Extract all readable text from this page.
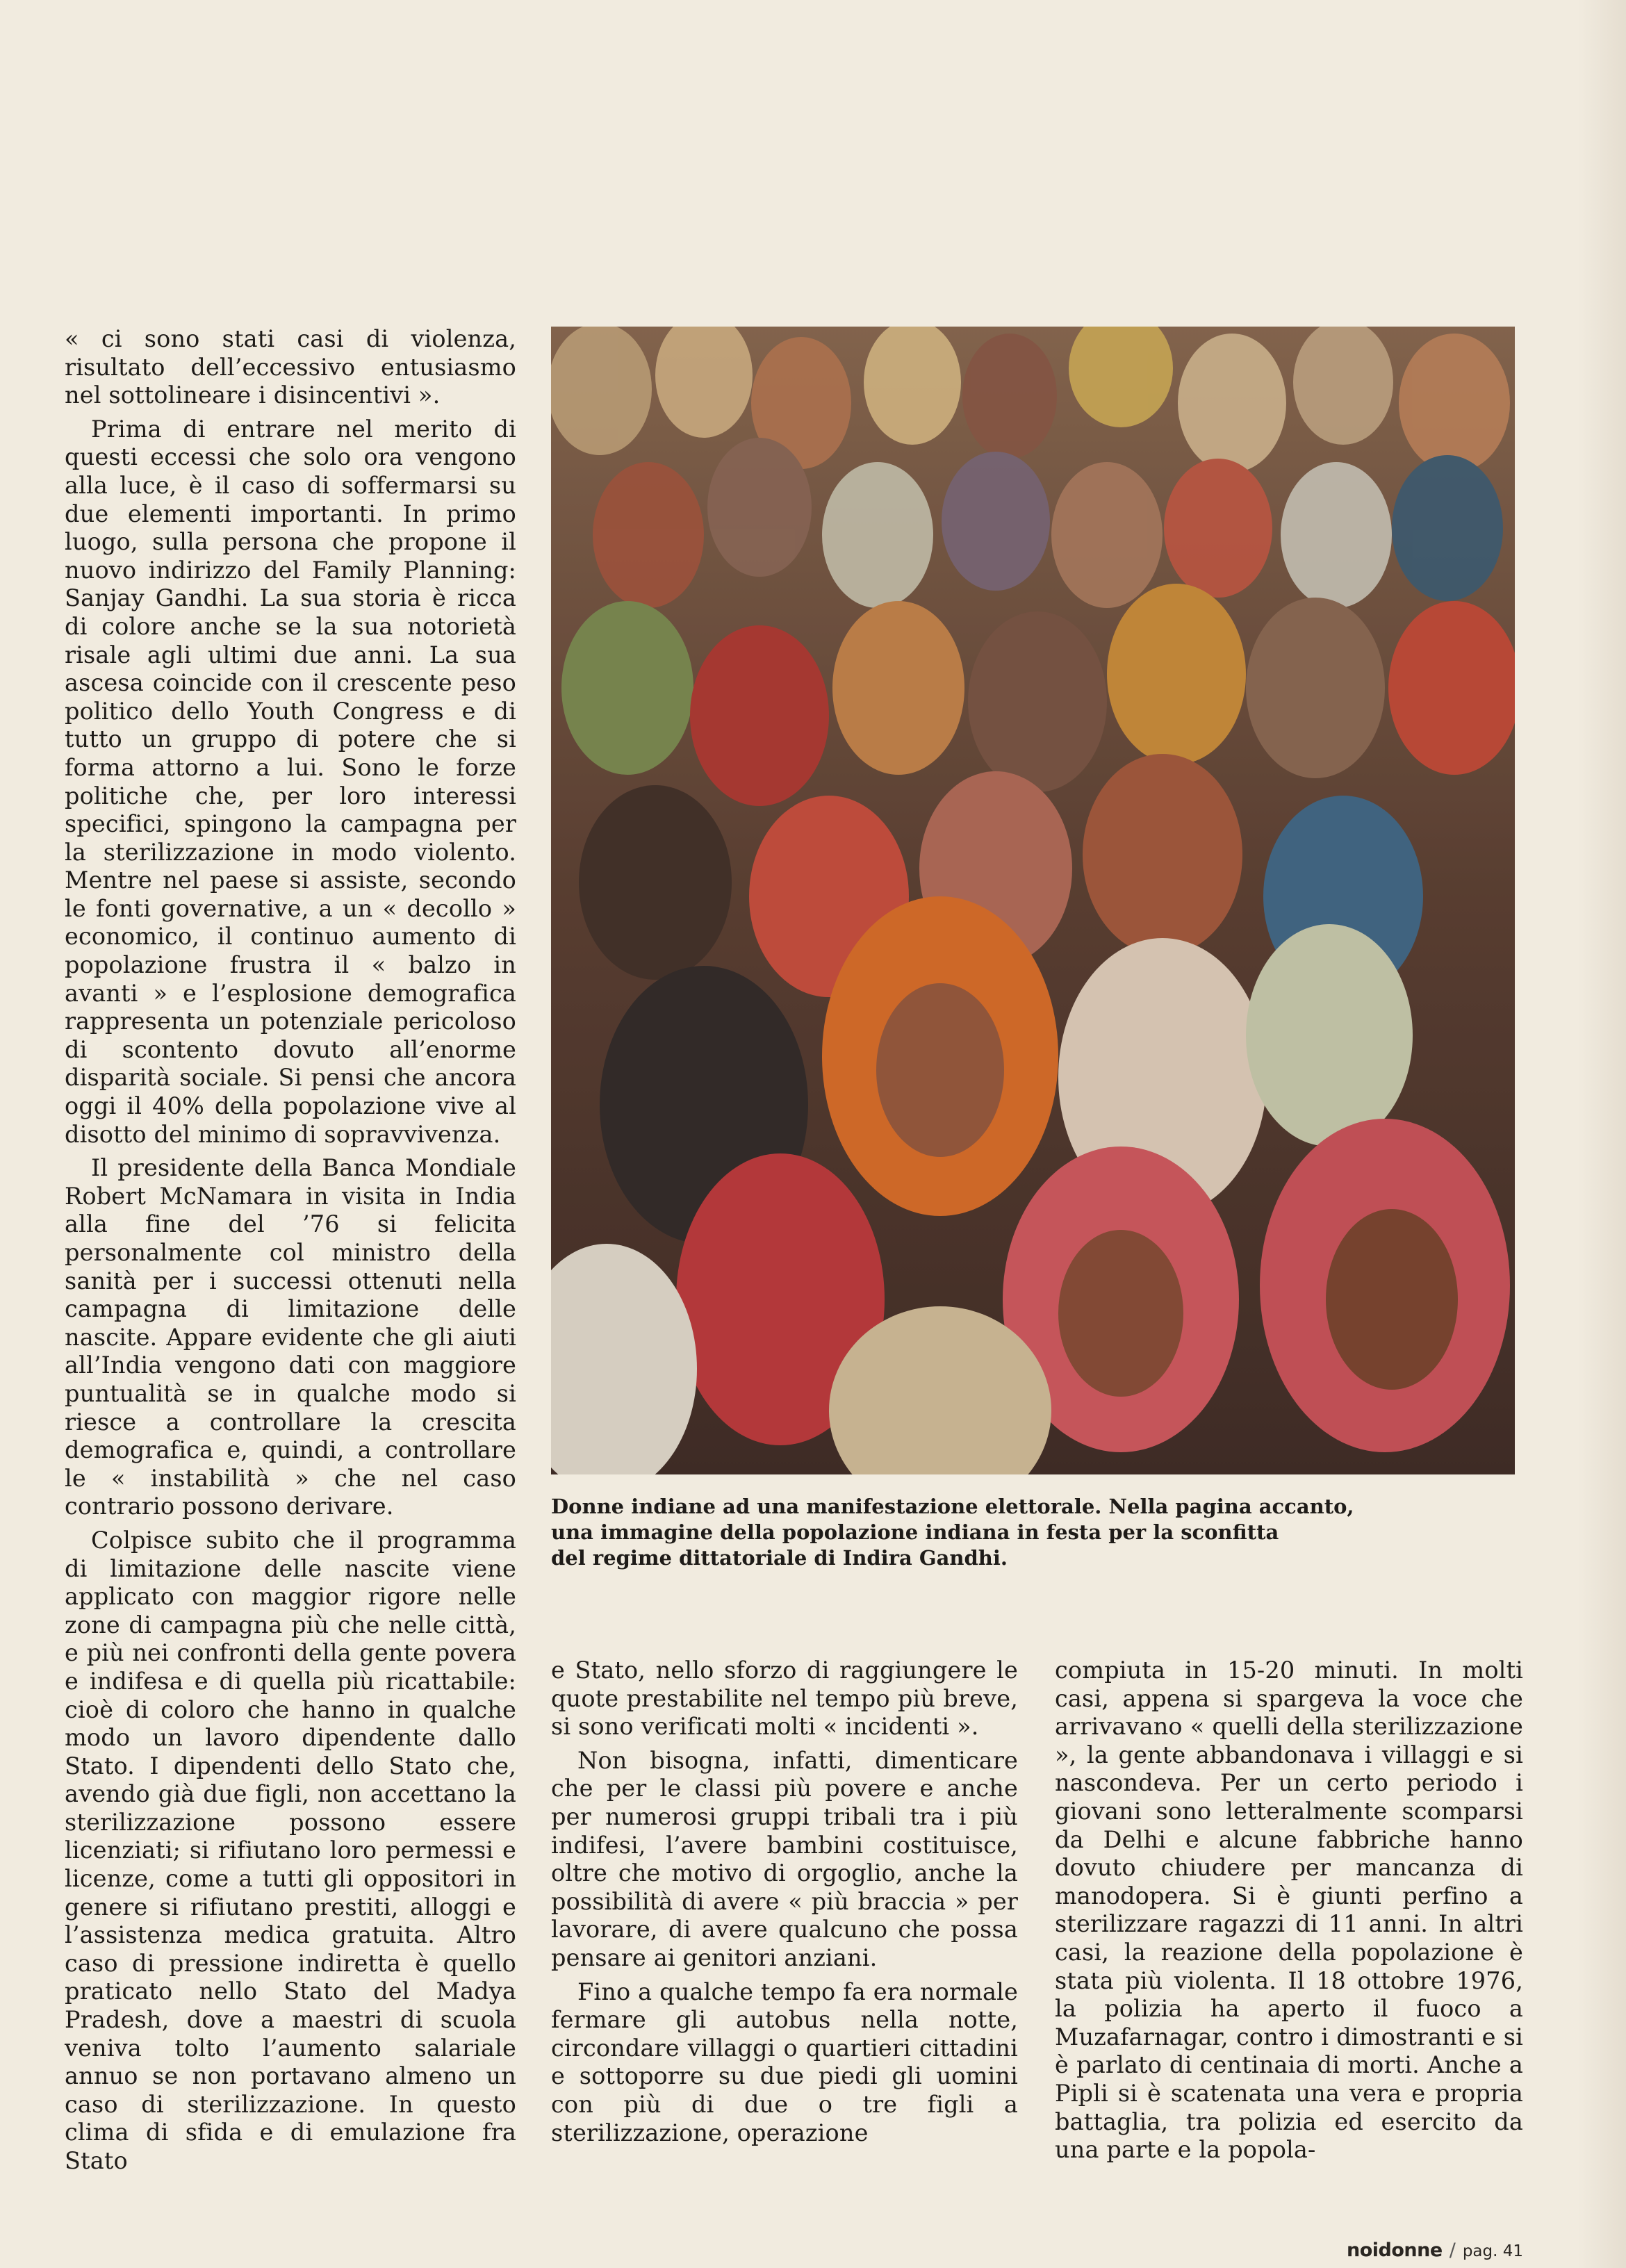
« ci sono stati casi di violenza, risultato dell’eccessivo entusiasmo nel sottolineare i disincentivi ».

Prima di entrare nel merito di questi eccessi che solo ora vengono alla luce, è il caso di soffermarsi su due elementi importanti. In primo luogo, sulla persona che propone il nuovo indirizzo del Family Planning: Sanjay Gandhi. La sua storia è ricca di colore anche se la sua notorietà risale agli ultimi due anni. La sua ascesa coincide con il crescente peso politico dello Youth Congress e di tutto un gruppo di potere che si forma attorno a lui. Sono le forze politiche che, per loro interessi specifici, spingono la campagna per la sterilizzazione in modo violento. Mentre nel paese si assiste, secondo le fonti governative, a un « decollo » economico, il continuo aumento di popolazione frustra il « balzo in avanti » e l’esplosione demografica rappresenta un potenziale pericoloso di scontento dovuto all’enorme disparità sociale. Si pensi che ancora oggi il 40% della popolazione vive al disotto del minimo di sopravvivenza.

Il presidente della Banca Mondiale Robert McNamara in visita in India alla fine del ’76 si felicita personalmente col ministro della sanità per i successi ottenuti nella campagna di limitazione delle nascite. Appare evidente che gli aiuti all’India vengono dati con maggiore puntualità se in qualche modo si riesce a controllare la crescita demografica e, quindi, a controllare le « instabilità » che nel caso contrario possono derivare.

Colpisce subito che il programma di limitazione delle nascite viene applicato con maggior rigore nelle zone di campagna più che nelle città, e più nei confronti della gente povera e indifesa e di quella più ricattabile: cioè di coloro che hanno in qualche modo un lavoro dipendente dallo Stato. I dipendenti dello Stato che, avendo già due figli, non accettano la sterilizzazione possono essere licenziati; si rifiutano loro permessi e licenze, come a tutti gli oppositori in genere si rifiutano prestiti, alloggi e l’assistenza medica gratuita. Altro caso di pressione indiretta è quello praticato nello Stato del Madya Pradesh, dove a maestri di scuola veniva tolto l’aumento salariale annuo se non portavano almeno un caso di sterilizzazione. In questo clima di sfida e di emulazione fra Stato

Donne indiane ad una manifestazione elettorale. Nella pagina accanto,
una immagine della popolazione indiana in festa per la sconfitta
del regime dittatoriale di Indira Gandhi.

e Stato, nello sforzo di raggiungere le quote prestabilite nel tempo più breve, si sono verificati molti « incidenti ».

Non bisogna, infatti, dimenticare che per le classi più povere e anche per numerosi gruppi tribali tra i più indifesi, l’avere bambini costituisce, oltre che motivo di orgoglio, anche la possibilità di avere « più braccia » per lavorare, di avere qualcuno che possa pensare ai genitori anziani.

Fino a qualche tempo fa era normale fermare gli autobus nella notte, circondare villaggi o quartieri cittadini e sottoporre su due piedi gli uomini con più di due o tre figli a sterilizzazione, operazione

compiuta in 15-20 minuti. In molti casi, appena si spargeva la voce che arrivavano « quelli della sterilizzazione », la gente abbandonava i villaggi e si nascondeva. Per un certo periodo i giovani sono letteralmente scomparsi da Delhi e alcune fabbriche hanno dovuto chiudere per mancanza di manodopera. Si è giunti perfino a sterilizzare ragazzi di 11 anni. In altri casi, la reazione della popolazione è stata più violenta. Il 18 ottobre 1976, la polizia ha aperto il fuoco a Muzafarnagar, contro i dimostranti e si è parlato di centinaia di morti. Anche a Pipli si è scatenata una vera e propria battaglia, tra polizia ed esercito da una parte e la popola-

noidonne / pag. 41
